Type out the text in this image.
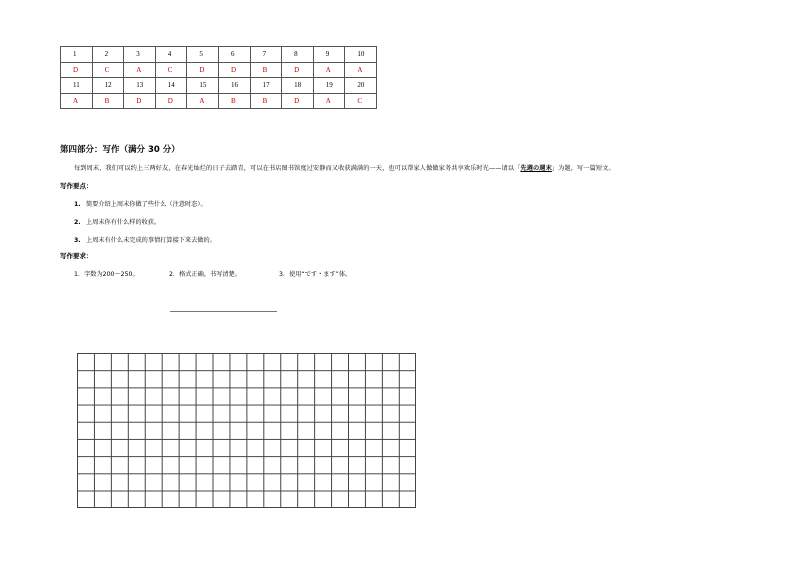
1	2	3	4	5	6	7	8	9	10
D	C	A	C	D	D	B	D	A	A
11	12	13	14	15	16	17	18	19	20
A	B	D	D	A	B	B	D	A	C
第四部分：写作（满分 30 分）
每到周末，我们可以约上三两好友，在春光灿烂的日子去踏青，可以在书店图书馆度过安静而又收获满满的一天，也可以帮家人做做家务共享欢乐时光——请以「先週の週末」为题，写一篇短文。
写作要点：
1. 简要介绍上周末你做了些什么（注意时态）。
2. 上周末你有什么样的收获。
3. 上周末有什么未完成的事情打算接下来去做的。
写作要求：
1．字数为200～250。	2．格式正确，书写清楚。	3．使用“です・ます”体。
